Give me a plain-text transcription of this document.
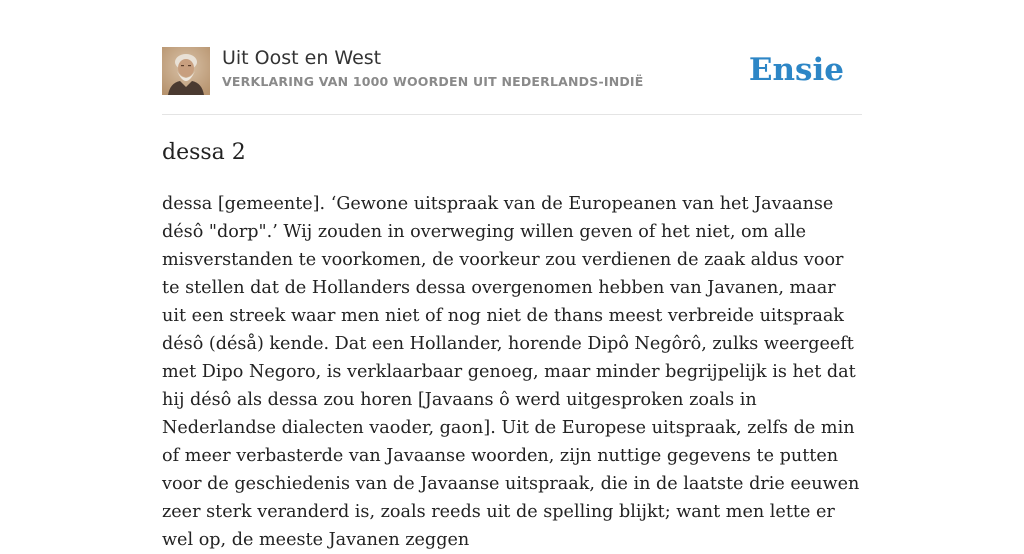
Uit Oost en West
VERKLARING VAN 1000 WOORDEN UIT NEDERLANDS-INDIË	Ensie
dessa 2

dessa [gemeente]. ‘Gewone uitspraak van de Europeanen van het Javaanse désô "dorp".’ Wij zouden in overweging willen geven of het niet, om alle misverstanden te voorkomen, de voorkeur zou verdienen de zaak aldus voor te stellen dat de Hollanders dessa overgenomen hebben van Javanen, maar uit een streek waar men niet of nog niet de thans meest verbreide uitspraak désô (déså) kende. Dat een Hollander, horende Dipô Negôrô, zulks weergeeft met Dipo Negoro, is verklaarbaar genoeg, maar minder begrijpelijk is het dat hij désô als dessa zou horen [Javaans ô werd uitgesproken zoals in Nederlandse dialecten vaoder, gaon]. Uit de Europese uitspraak, zelfs de min of meer verbasterde van Javaanse woorden, zijn nuttige gegevens te putten voor de geschiedenis van de Javaanse uitspraak, die in de laatste drie eeuwen zeer sterk veranderd is, zoals reeds uit de spelling blijkt; want men lette er wel op, de meeste Javanen zeggen
